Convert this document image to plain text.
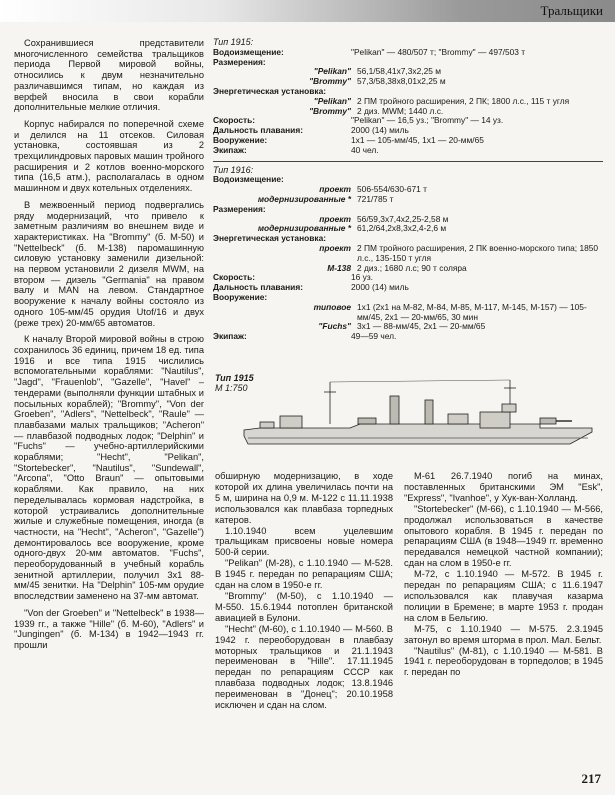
Тральщики

Сохранившиеся представители многочисленного семейства тральщиков периода Первой мировой войны, относились к двум незначительно различавшимся типам, но каждая из верфей вносила в свои корабли дополнительные мелкие отличия.

Корпус набирался по поперечной схеме и делился на 11 отсеков. Силовая установка, состоявшая из 2 трехцилиндровых паровых машин тройного расширения и 2 котлов военно-морского типа (16,5 атм.), располагалась в одном машинном и двух котельных отделениях.

В межвоенный период подвергались ряду модернизаций, что привело к заметным различиям во внешнем виде и характеристиках. На "Brommy" (б. М-50) и "Nettelbeck" (б. М-138) паромашинную силовую установку заменили дизельной: на первом установили 2 дизеля MWM, на втором — дизель "Germania" на правом валу и MAN на левом. Стандартное вооружение к началу войны состояло из одного 105-мм/45 орудия Utof/16 и двух (реже трех) 20-мм/65 автоматов.

К началу Второй мировой войны в строю сохранилось 36 единиц, причем 18 ед. типа 1916 и все типа 1915 числились вспомогательными кораблями: "Nautilus", "Jagd", "Frauenlob", "Gazelle", "Havel" – тендерами (выполняли функции штабных и посыльных кораблей); "Brommy", "Von der Groeben", "Adlers", "Nettelbeck", "Raule" — плавбазами малых тральщиков; "Acheron" — плавбазой подводных лодок; "Delphin" и "Fuchs" — учебно-артиллерийскими кораблями; "Hecht", "Pelikan", "Stortebecker", "Nautilus", "Sundewall", "Arcona", "Otto Braun" — опытовыми кораблями. Как правило, на них переделывалась кормовая надстройка, в которой устраивались дополнительные жилые и служебные помещения, иногда (в частности, на "Hecht", "Acheron", "Gazelle") демонтировалось все вооружение, кроме одного-двух 20-мм автоматов. "Fuchs", переоборудованный в учебный корабль зенитной артиллерии, получил 3х1 88-мм/45 зенитки. На "Delphin" 105-мм орудие впоследствии заменено на 37-мм автомат.

"Von der Groeben" и "Nettelbeck" в 1938—1939 гг., а также "Hille" (б. М-60), "Adlers" и "Jungingen" (б. М-134) в 1942—1943 гг. прошли

Тип 1915:
Водоизмещение:	"Pelikan" — 480/507 т; "Brommy" — 497/503 т
Размерения:
"Pelikan" 56,1/58,41х7,3х2,25 м
"Brommy" 57,3/58,38х8,01х2,25 м
Энергетическая установка:
"Pelikan" 2 ПМ тройного расширения, 2 ПК; 1800 л.с., 115 т угля
"Brommy" 2 диз. MWM; 1440 л.с.
Скорость:	"Pelikan" — 16,5 уз.; "Brommy" — 14 уз.
Дальность плавания:	2000 (14) миль
Вооружение:	1х1 — 105-мм/45, 1х1 — 20-мм/65
Экипаж:	40 чел.
Тип 1916:
Водоизмещение:
проект 506-554/630-671 т
модернизированные * 721/785 т
Размерения:
проект 56/59,3х7,4х2,25-2,58 м
модернизированные * 61,2/64,2х8,3х2,4-2,6 м
Энергетическая установка:
проект 2 ПМ тройного расширения, 2 ПК военно-морского типа; 1850 л.с., 135-150 т угля
М-138 2 диз.; 1680 л.с; 90 т соляра
Скорость:	16 уз.
Дальность плавания:	2000 (14) миль
Вооружение:
типовое 1х1 (2х1 на М-82, М-84, М-85, М-117, М-145, М-157) — 105-мм/45, 2х1 — 20-мм/65, 30 мин
"Fuchs" 3х1 — 88-мм/45, 2х1 — 20-мм/65
Экипаж:	49—59 чел.
Тип 1915
М 1:750

обширную модернизацию, в ходе которой их длина увеличилась почти на 5 м, ширина на 0,9 м. М-122 с 11.11.1938 использовался как плавбаза торпедных катеров.

1.10.1940 всем уцелевшим тральщикам присвоены новые номера 500-й серии.

"Pelikan" (М-28), с 1.10.1940 — М-528. В 1945 г. передан по репарациям США; сдан на слом в 1950-е гг.

"Brommy" (М-50), с 1.10.1940 — М-550. 15.6.1944 потоплен британской авиацией в Булони.

"Hecht" (М-60), с 1.10.1940 — М-560. В 1942 г. переоборудован в плавбазу моторных тральщиков и 21.1.1943 переименован в "Hille". 17.11.1945 передан по репарациям СССР как плавбаза подводных лодок; 13.8.1946 переименован в "Донец"; 20.10.1958 исключен и сдан на слом.

М-61 26.7.1940 погиб на минах, поставленных британскими ЭМ "Esk", "Express", "Ivanhoe", у Хук-ван-Холланд.

"Stortebecker" (М-66), с 1.10.1940 — М-566, продолжал использоваться в качестве опытового корабля. В 1945 г. передан по репарациям США (в 1948—1949 гг. временно передавался немецкой частной компании); сдан на слом в 1950-е гг.

М-72, с 1.10.1940 — М-572. В 1945 г. передан по репарациям США; с 11.6.1947 использовался как плавучая казарма полиции в Бремене; в марте 1953 г. продан на слом в Бельгию.

М-75, с 1.10.1940 — М-575. 2.3.1945 затонул во время шторма в прол. Мал. Бельт.

"Nautilus" (М-81), с 1.10.1940 — М-581. В 1941 г. переоборудован в торпедолов; в 1945 г. передан по

217
